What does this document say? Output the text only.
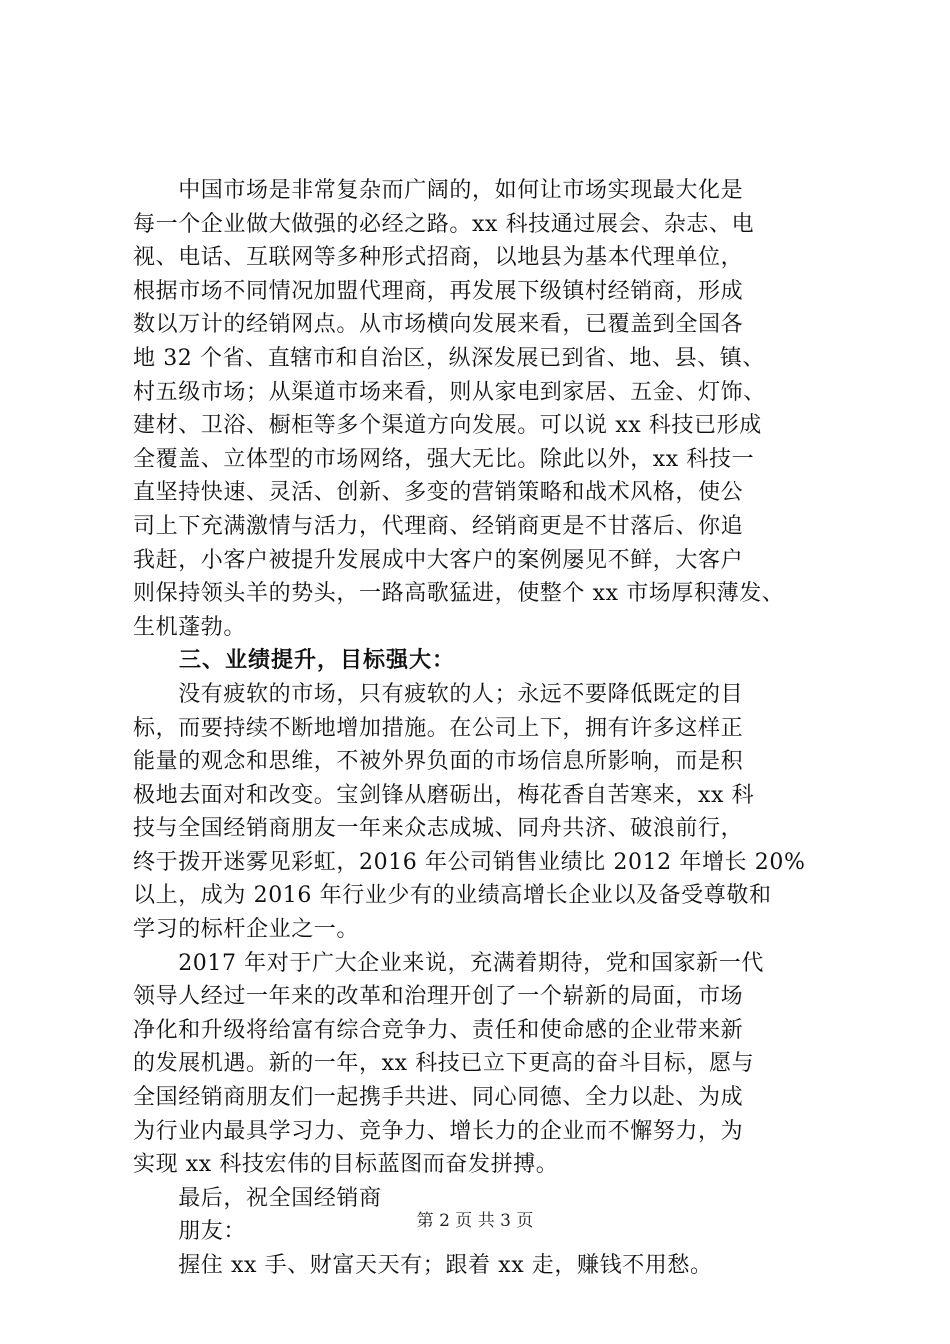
　　中国市场是非常复杂而广阔的，如何让市场实现最大化是
每一个企业做大做强的必经之路。xx 科技通过展会、杂志、电
视、电话、互联网等多种形式招商，以地县为基本代理单位，
根据市场不同情况加盟代理商，再发展下级镇村经销商，形成
数以万计的经销网点。从市场横向发展来看，已覆盖到全国各
地 32 个省、直辖市和自治区，纵深发展已到省、地、县、镇、
村五级市场；从渠道市场来看，则从家电到家居、五金、灯饰、
建材、卫浴、橱柜等多个渠道方向发展。可以说 xx 科技已形成
全覆盖、立体型的市场网络，强大无比。除此以外，xx 科技一
直坚持快速、灵活、创新、多变的营销策略和战术风格，使公
司上下充满激情与活力，代理商、经销商更是不甘落后、你追
我赶，小客户被提升发展成中大客户的案例屡见不鲜，大客户
则保持领头羊的势头，一路高歌猛进，使整个 xx 市场厚积薄发、
生机蓬勃。
　　三、业绩提升，目标强大：
　　没有疲软的市场，只有疲软的人；永远不要降低既定的目
标，而要持续不断地增加措施。在公司上下，拥有许多这样正
能量的观念和思维，不被外界负面的市场信息所影响，而是积
极地去面对和改变。宝剑锋从磨砺出，梅花香自苦寒来，xx 科
技与全国经销商朋友一年来众志成城、同舟共济、破浪前行，
终于拨开迷雾见彩虹，2016 年公司销售业绩比 2012 年增长 20%
以上，成为 2016 年行业少有的业绩高增长企业以及备受尊敬和
学习的标杆企业之一。
　　2017 年对于广大企业来说，充满着期待，党和国家新一代
领导人经过一年来的改革和治理开创了一个崭新的局面，市场
净化和升级将给富有综合竞争力、责任和使命感的企业带来新
的发展机遇。新的一年，xx 科技已立下更高的奋斗目标，愿与
全国经销商朋友们一起携手共进、同心同德、全力以赴、为成
为行业内最具学习力、竞争力、增长力的企业而不懈努力，为
实现 xx 科技宏伟的目标蓝图而奋发拼搏。
　　最后，祝全国经销商
　　朋友：
　　握住 xx 手、财富天天有；跟着 xx 走，赚钱不用愁。
第 2 页 共 3 页
